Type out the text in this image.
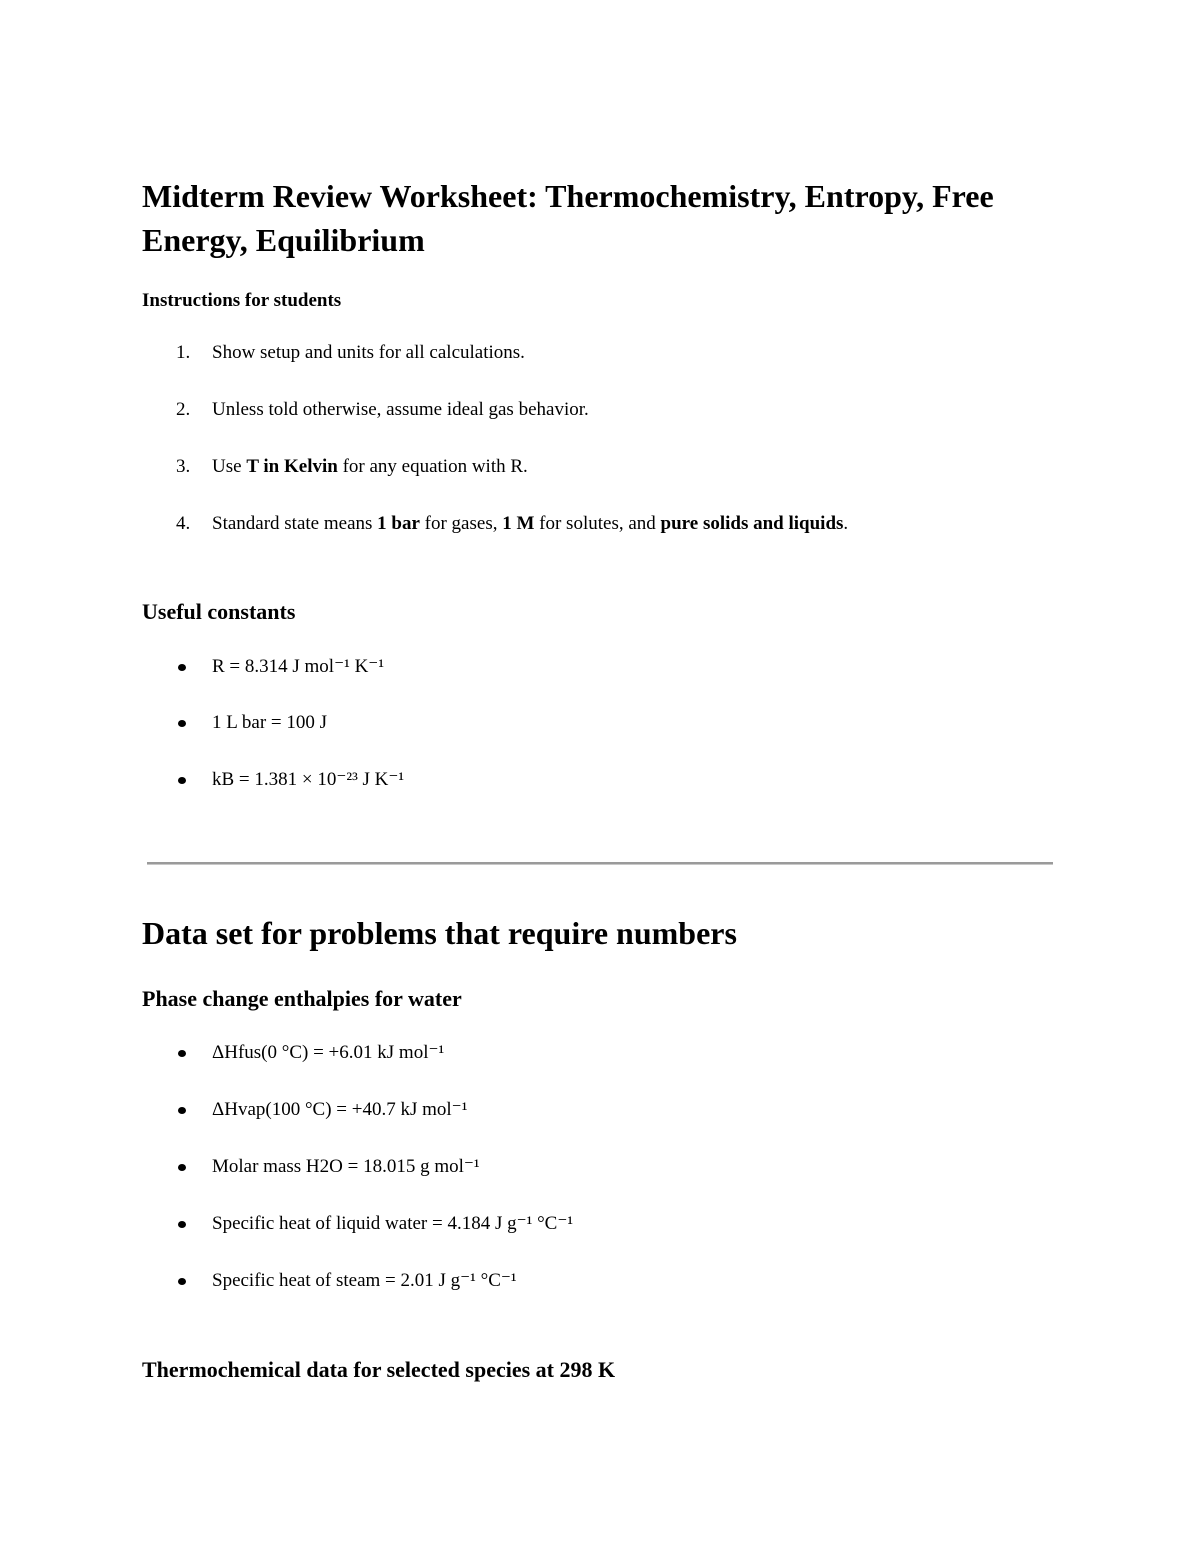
Midterm Review Worksheet: Thermochemistry, Entropy, Free Energy, Equilibrium
Instructions for students
1. Show setup and units for all calculations.
2. Unless told otherwise, assume ideal gas behavior.
3. Use T in Kelvin for any equation with R.
4. Standard state means 1 bar for gases, 1 M for solutes, and pure solids and liquids.
Useful constants
R = 8.314 J mol⁻¹ K⁻¹
1 L bar = 100 J
kB = 1.381 × 10⁻²³ J K⁻¹
Data set for problems that require numbers
Phase change enthalpies for water
ΔHfus(0 °C) = +6.01 kJ mol⁻¹
ΔHvap(100 °C) = +40.7 kJ mol⁻¹
Molar mass H2O = 18.015 g mol⁻¹
Specific heat of liquid water = 4.184 J g⁻¹ °C⁻¹
Specific heat of steam = 2.01 J g⁻¹ °C⁻¹
Thermochemical data for selected species at 298 K
